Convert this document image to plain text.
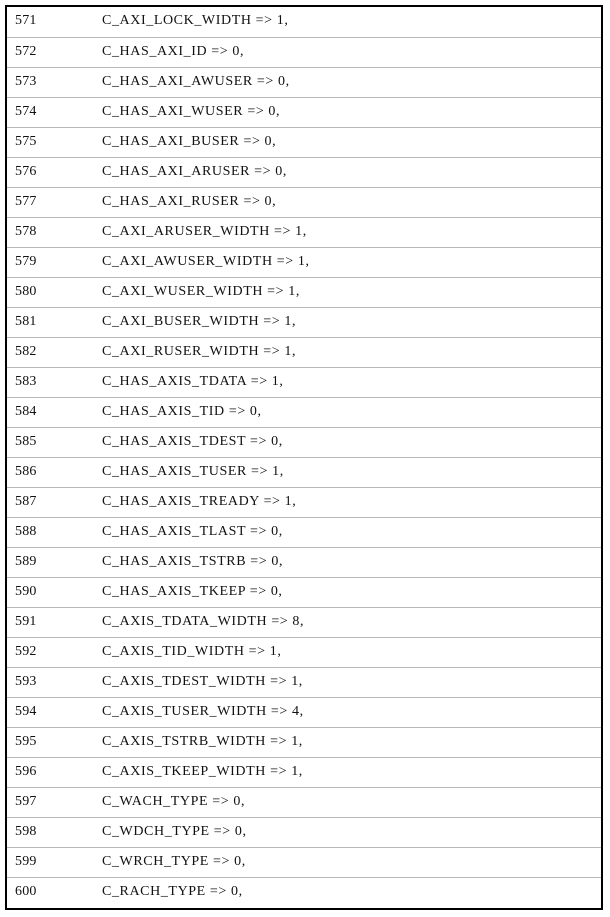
571	C_AXI_LOCK_WIDTH => 1,
572	C_HAS_AXI_ID => 0,
573	C_HAS_AXI_AWUSER => 0,
574	C_HAS_AXI_WUSER => 0,
575	C_HAS_AXI_BUSER => 0,
576	C_HAS_AXI_ARUSER => 0,
577	C_HAS_AXI_RUSER => 0,
578	C_AXI_ARUSER_WIDTH => 1,
579	C_AXI_AWUSER_WIDTH => 1,
580	C_AXI_WUSER_WIDTH => 1,
581	C_AXI_BUSER_WIDTH => 1,
582	C_AXI_RUSER_WIDTH => 1,
583	C_HAS_AXIS_TDATA => 1,
584	C_HAS_AXIS_TID => 0,
585	C_HAS_AXIS_TDEST => 0,
586	C_HAS_AXIS_TUSER => 1,
587	C_HAS_AXIS_TREADY => 1,
588	C_HAS_AXIS_TLAST => 0,
589	C_HAS_AXIS_TSTRB => 0,
590	C_HAS_AXIS_TKEEP => 0,
591	C_AXIS_TDATA_WIDTH => 8,
592	C_AXIS_TID_WIDTH => 1,
593	C_AXIS_TDEST_WIDTH => 1,
594	C_AXIS_TUSER_WIDTH => 4,
595	C_AXIS_TSTRB_WIDTH => 1,
596	C_AXIS_TKEEP_WIDTH => 1,
597	C_WACH_TYPE => 0,
598	C_WDCH_TYPE => 0,
599	C_WRCH_TYPE => 0,
600	C_RACH_TYPE => 0,
